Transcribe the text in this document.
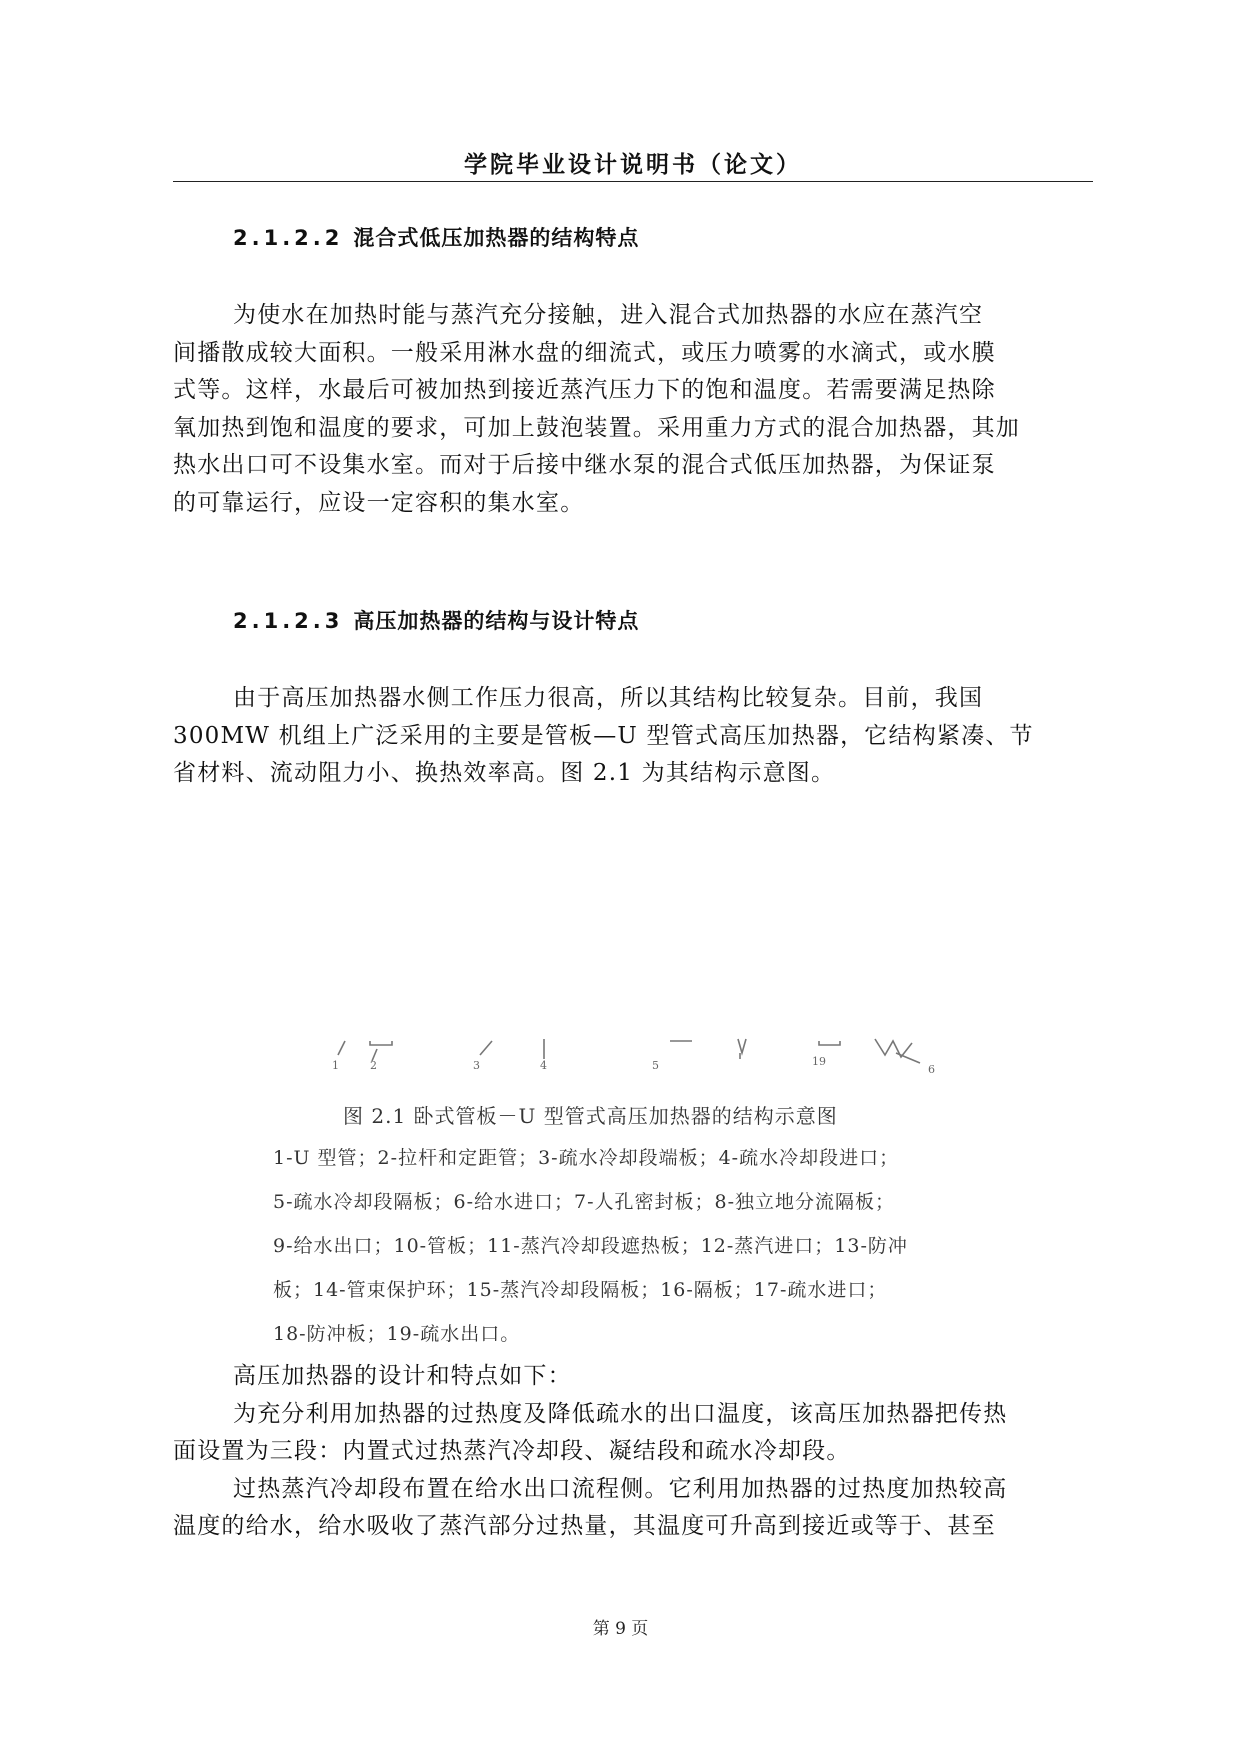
学院毕业设计说明书（论文）
2.1.2.2 混合式低压加热器的结构特点
为使水在加热时能与蒸汽充分接触，进入混合式加热器的水应在蒸汽空
间播散成较大面积。一般采用淋水盘的细流式，或压力喷雾的水滴式，或水膜
式等。这样，水最后可被加热到接近蒸汽压力下的饱和温度。若需要满足热除
氧加热到饱和温度的要求，可加上鼓泡装置。采用重力方式的混合加热器，其加
热水出口可不设集水室。而对于后接中继水泵的混合式低压加热器，为保证泵
的可靠运行，应设一定容积的集水室。
2.1.2.3 高压加热器的结构与设计特点
由于高压加热器水侧工作压力很高，所以其结构比较复杂。目前，我国
300MW 机组上广泛采用的主要是管板—U 型管式高压加热器，它结构紧凑、节
省材料、流动阻力小、换热效率高。图 2.1 为其结构示意图。
1	2	3	4	5	19
6
图 2.1 卧式管板－U 型管式高压加热器的结构示意图
1-U 型管；2-拉杆和定距管；3-疏水冷却段端板；4-疏水冷却段进口；
5-疏水冷却段隔板；6-给水进口；7-人孔密封板；8-独立地分流隔板；
9-给水出口；10-管板；11-蒸汽冷却段遮热板；12-蒸汽进口；13-防冲
板；14-管束保护环；15-蒸汽冷却段隔板；16-隔板；17-疏水进口；
18-防冲板；19-疏水出口。
高压加热器的设计和特点如下：
为充分利用加热器的过热度及降低疏水的出口温度，该高压加热器把传热
面设置为三段：内置式过热蒸汽冷却段、凝结段和疏水冷却段。
过热蒸汽冷却段布置在给水出口流程侧。它利用加热器的过热度加热较高
温度的给水，给水吸收了蒸汽部分过热量，其温度可升高到接近或等于、甚至
第 9 页
